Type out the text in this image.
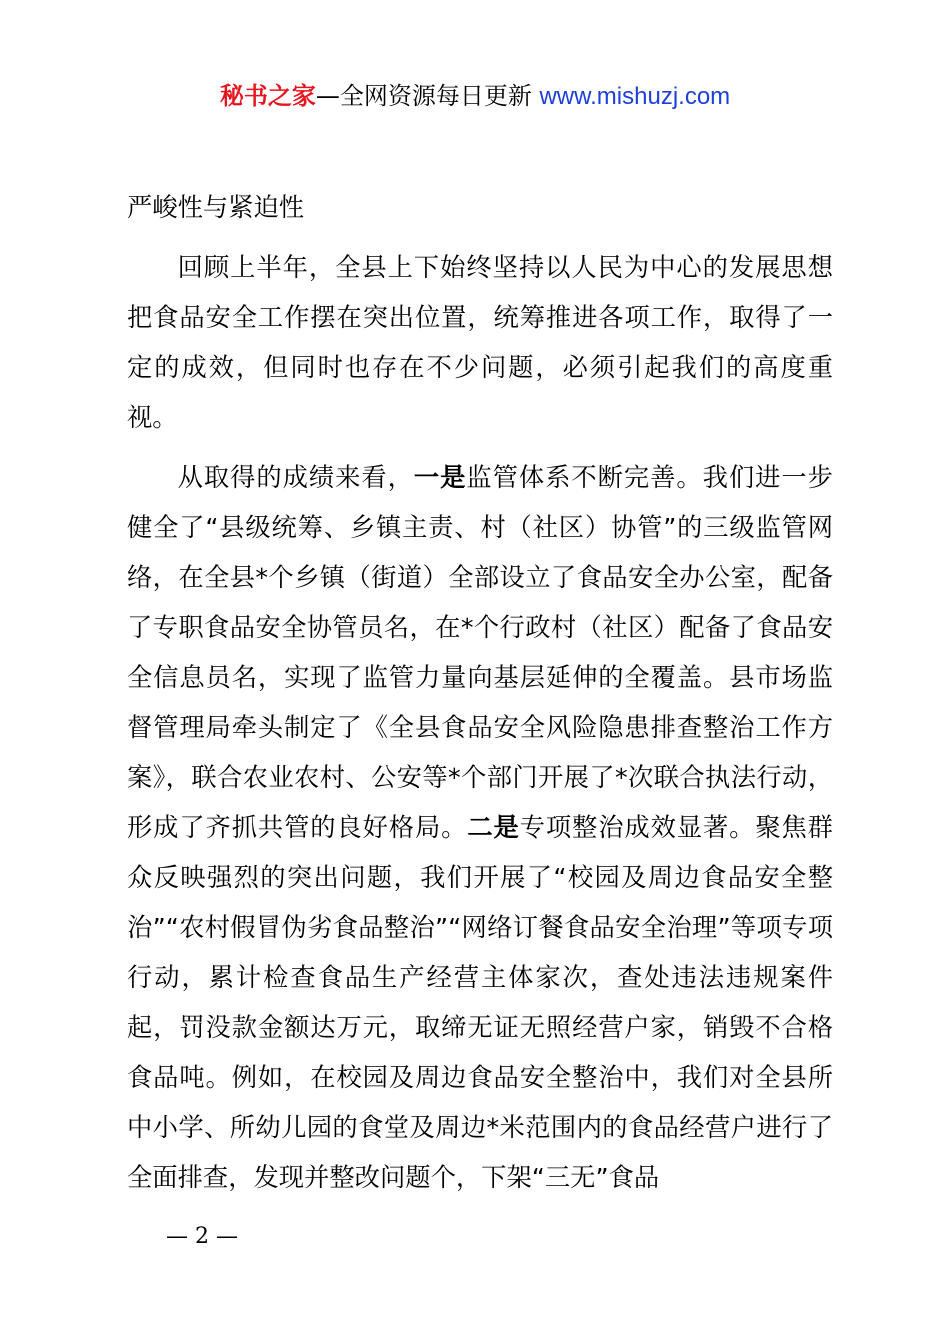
秘书之家—全网资源每日更新 www.mishuzj.com

严峻性与紧迫性

回顾上半年，全县上下始终坚持以人民为中心的发展思想把食品安全工作摆在突出位置，统筹推进各项工作，取得了一定的成效，但同时也存在不少问题，必须引起我们的高度重视。

从取得的成绩来看，一是监管体系不断完善。我们进一步健全了“县级统筹、乡镇主责、村（社区）协管”的三级监管网络，在全县*个乡镇（街道）全部设立了食品安全办公室，配备了专职食品安全协管员名，在*个行政村（社区）配备了食品安全信息员名，实现了监管力量向基层延伸的全覆盖。县市场监督管理局牵头制定了《全县食品安全风险隐患排查整治工作方案》，联合农业农村、公安等*个部门开展了*次联合执法行动，形成了齐抓共管的良好格局。二是专项整治成效显著。聚焦群众反映强烈的突出问题，我们开展了“校园及周边食品安全整治”“农村假冒伪劣食品整治”“网络订餐食品安全治理”等项专项行动，累计检查食品生产经营主体家次，查处违法违规案件起，罚没款金额达万元，取缔无证无照经营户家，销毁不合格食品吨。例如，在校园及周边食品安全整治中，我们对全县所中小学、所幼儿园的食堂及周边*米范围内的食品经营户进行了全面排查，发现并整改问题个，下架“三无”食品

— 2 —
